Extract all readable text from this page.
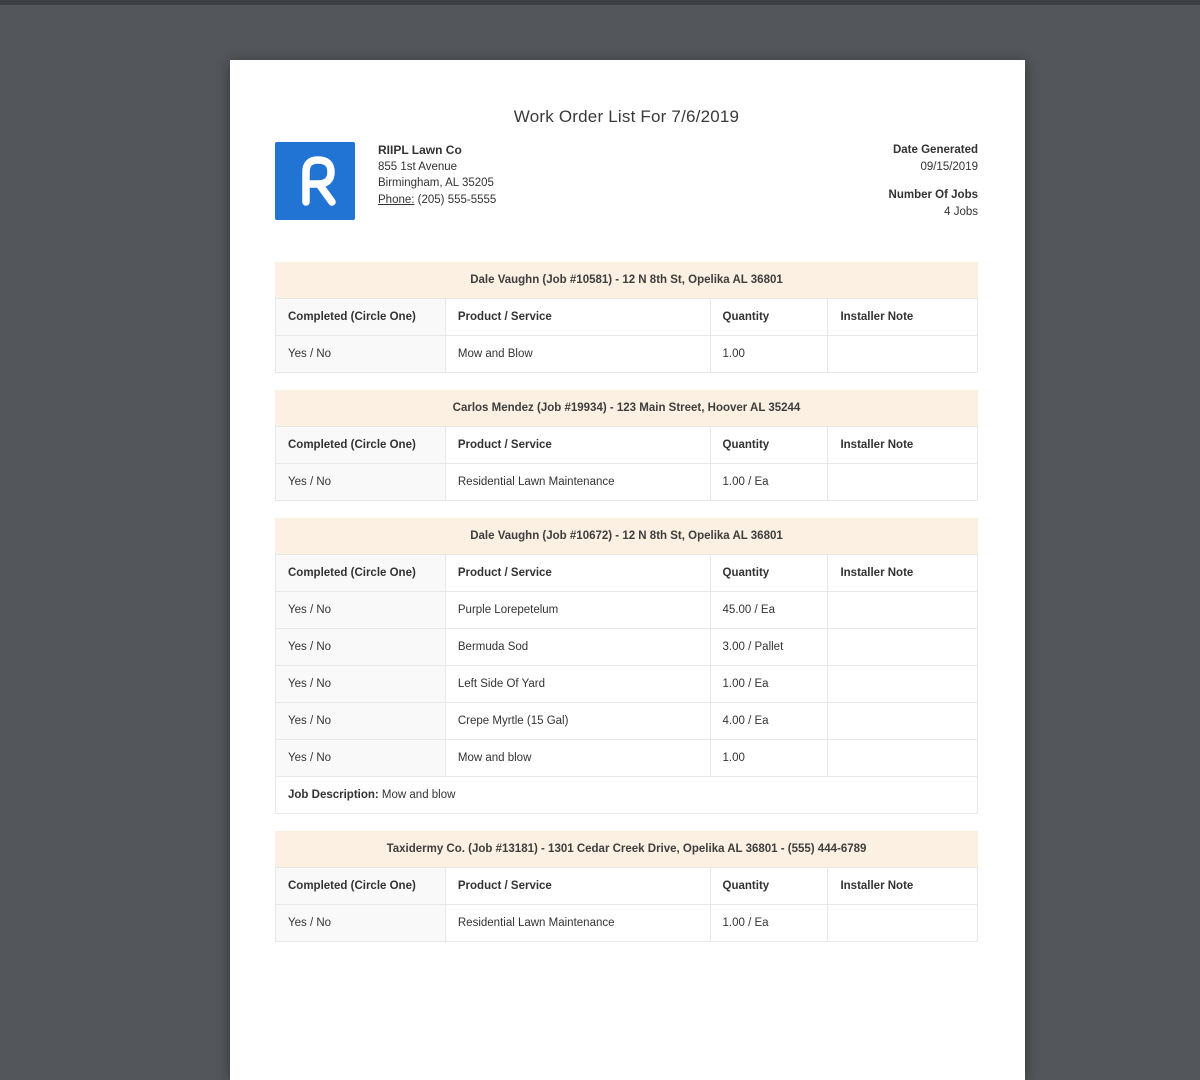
Work Order List For 7/6/2019
RIIPL Lawn Co
855 1st Avenue
Birmingham, AL 35205
Phone: (205) 555-5555
Date Generated
09/15/2019
Number Of Jobs
4 Jobs
Dale Vaughn (Job #10581) - 12 N 8th St, Opelika AL 36801
Completed (Circle One)	Product / Service	Quantity	Installer Note
Yes / No	Mow and Blow	1.00	
Carlos Mendez (Job #19934) - 123 Main Street, Hoover AL 35244
Completed (Circle One)	Product / Service	Quantity	Installer Note
Yes / No	Residential Lawn Maintenance	1.00 / Ea	
Dale Vaughn (Job #10672) - 12 N 8th St, Opelika AL 36801
Completed (Circle One)	Product / Service	Quantity	Installer Note
Yes / No	Purple Lorepetelum	45.00 / Ea	
Yes / No	Bermuda Sod	3.00 / Pallet	
Yes / No	Left Side Of Yard	1.00 / Ea	
Yes / No	Crepe Myrtle (15 Gal)	4.00 / Ea	
Yes / No	Mow and blow	1.00	
Job Description: Mow and blow			
Taxidermy Co. (Job #13181) - 1301 Cedar Creek Drive, Opelika AL 36801 - (555) 444-6789
Completed (Circle One)	Product / Service	Quantity	Installer Note
Yes / No	Residential Lawn Maintenance	1.00 / Ea	
